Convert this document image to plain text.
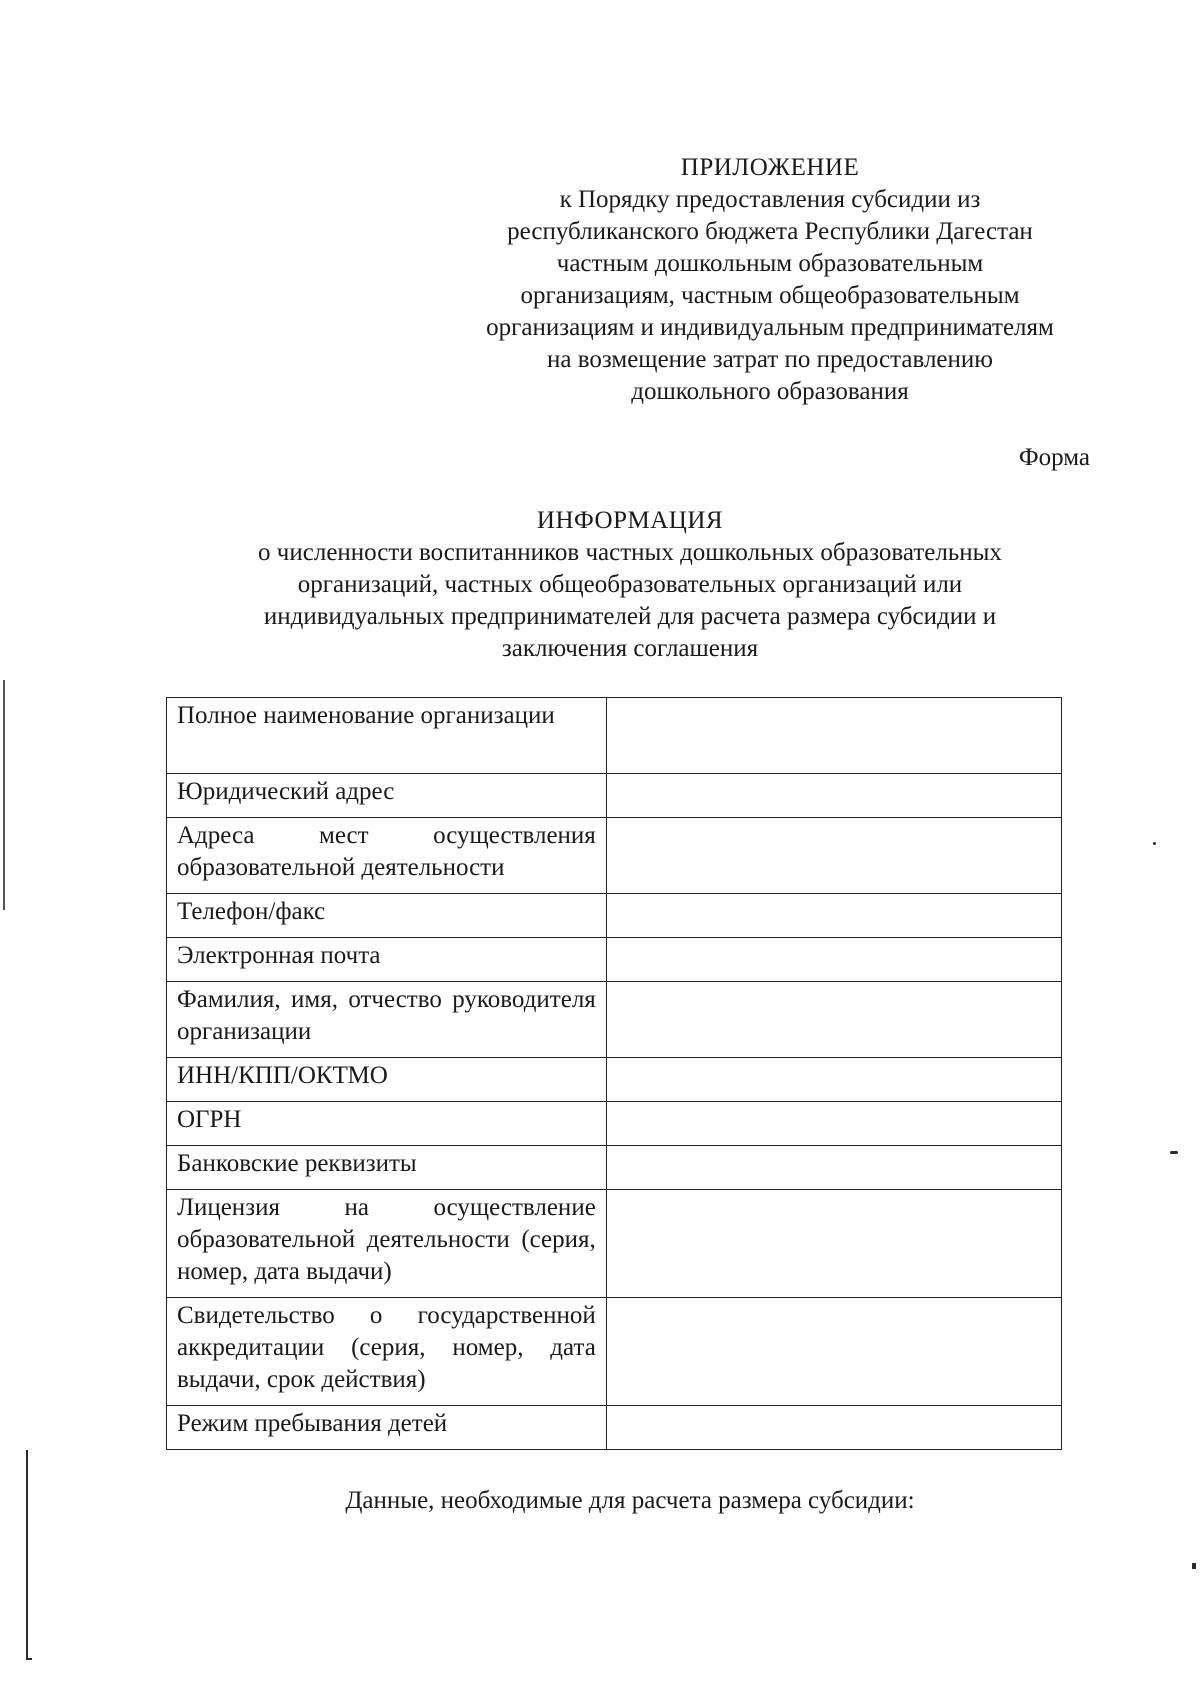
ПРИЛОЖЕНИЕ
к Порядку предоставления субсидии из
республиканского бюджета Республики Дагестан
частным дошкольным образовательным
организациям, частным общеобразовательным
организациям и индивидуальным предпринимателям
на возмещение затрат по предоставлению
дошкольного образования
Форма
ИНФОРМАЦИЯ
о численности воспитанников частных дошкольных образовательных
организаций, частных общеобразовательных организаций или
индивидуальных предпринимателей для расчета размера субсидии и
заключения соглашения
Полное наименование организации	
Юридический адрес	
Адреса мест осуществления образовательной деятельности	
Телефон/факс	
Электронная почта	
Фамилия, имя, отчество руководителя организации	
ИНН/КПП/ОКТМО	
ОГРН	
Банковские реквизиты	
Лицензия на осуществление образовательной деятельности (серия, номер, дата выдачи)	
Свидетельство о государственной аккредитации (серия, номер, дата выдачи, срок действия)	
Режим пребывания детей	
Данные, необходимые для расчета размера субсидии:
